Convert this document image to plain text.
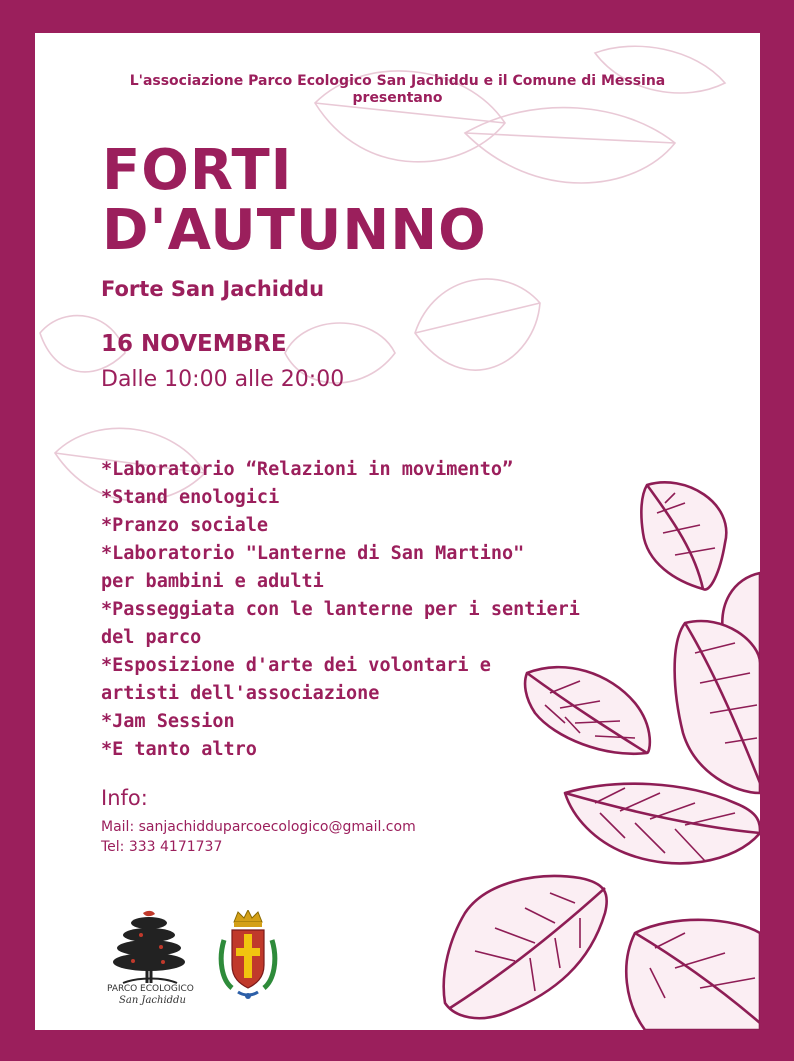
L'associazione Parco Ecologico San Jachiddu e il Comune di Messina
presentano
FORTI
D'AUTUNNO
Forte San Jachiddu
16 NOVEMBRE
Dalle 10:00 alle 20:00
*Laboratorio “Relazioni in movimento”
*Stand enologici
*Pranzo sociale
*Laboratorio "Lanterne di San Martino"
per bambini e adulti
*Passeggiata con le lanterne per i sentieri
del parco
*Esposizione d'arte dei volontari e
artisti dell'associazione
*Jam Session
*E tanto altro
Info:
Mail: sanjachidduparcoecologico@gmail.com
Tel: 333 4171737
PARCO ECOLOGICO
San Jachiddu
